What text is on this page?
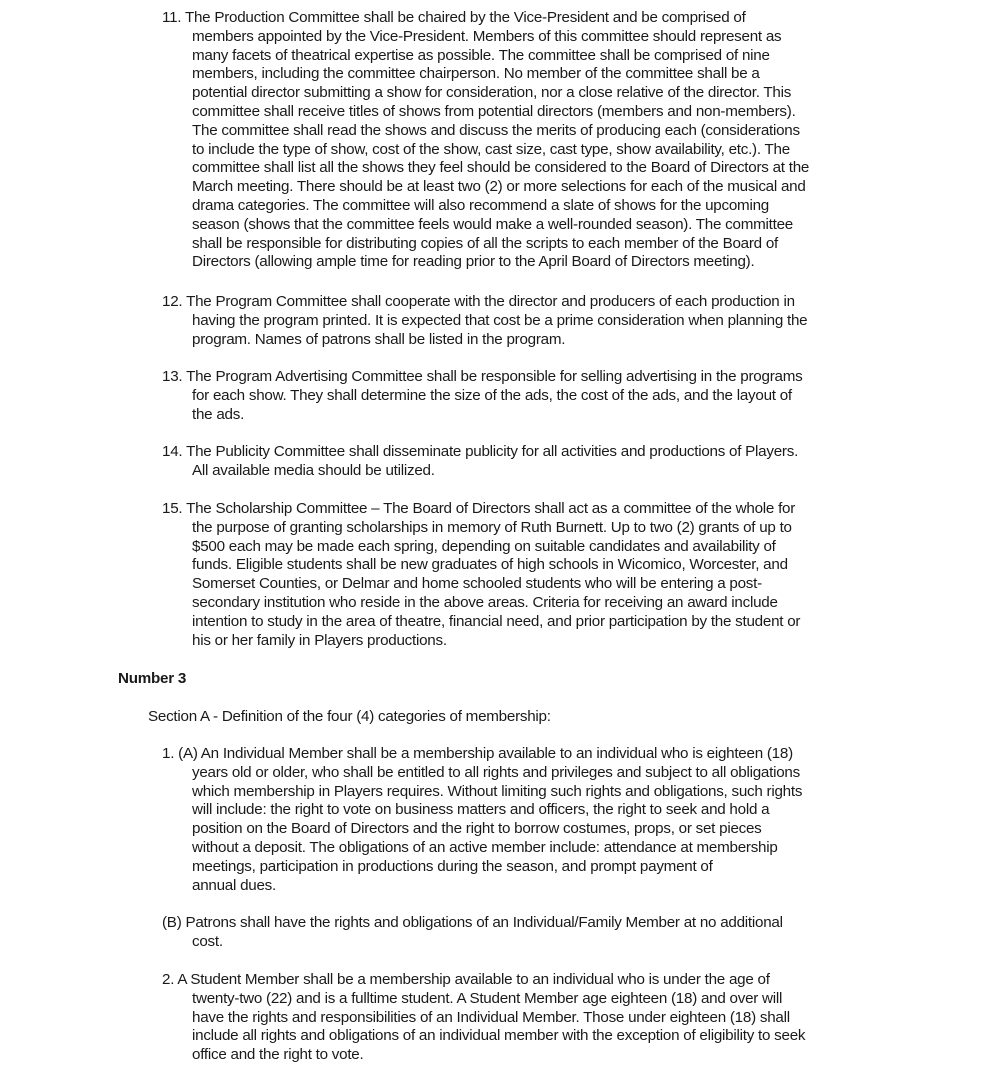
11. The Production Committee shall be chaired by the Vice-President and be comprised of
members appointed by the Vice-President. Members of this committee should represent as
many facets of theatrical expertise as possible. The committee shall be comprised of nine
members, including the committee chairperson. No member of the committee shall be a
potential director submitting a show for consideration, nor a close relative of the director. This
committee shall receive titles of shows from potential directors (members and non-members).
The committee shall read the shows and discuss the merits of producing each (considerations
to include the type of show, cost of the show, cast size, cast type, show availability, etc.). The
committee shall list all the shows they feel should be considered to the Board of Directors at the
March meeting. There should be at least two (2) or more selections for each of the musical and
drama categories. The committee will also recommend a slate of shows for the upcoming
season (shows that the committee feels would make a well-rounded season). The committee
shall be responsible for distributing copies of all the scripts to each member of the Board of
Directors (allowing ample time for reading prior to the April Board of Directors meeting).
12. The Program Committee shall cooperate with the director and producers of each production in
having the program printed. It is expected that cost be a prime consideration when planning the
program. Names of patrons shall be listed in the program.
13. The Program Advertising Committee shall be responsible for selling advertising in the programs
for each show. They shall determine the size of the ads, the cost of the ads, and the layout of
the ads.
14. The Publicity Committee shall disseminate publicity for all activities and productions of Players.
All available media should be utilized.
15. The Scholarship Committee – The Board of Directors shall act as a committee of the whole for
the purpose of granting scholarships in memory of Ruth Burnett. Up to two (2) grants of up to
$500 each may be made each spring, depending on suitable candidates and availability of
funds. Eligible students shall be new graduates of high schools in Wicomico, Worcester, and
Somerset Counties, or Delmar and home schooled students who will be entering a post-
secondary institution who reside in the above areas. Criteria for receiving an award include
intention to study in the area of theatre, financial need, and prior participation by the student or
his or her family in Players productions.
Number 3
Section A - Definition of the four (4) categories of membership:
1. (A) An Individual Member shall be a membership available to an individual who is eighteen (18)
years old or older, who shall be entitled to all rights and privileges and subject to all obligations
which membership in Players requires. Without limiting such rights and obligations, such rights
will include: the right to vote on business matters and officers, the right to seek and hold a
position on the Board of Directors and the right to borrow costumes, props, or set pieces
without a deposit. The obligations of an active member include: attendance at membership
meetings, participation in productions during the season, and prompt payment of
annual dues.
(B) Patrons shall have the rights and obligations of an Individual/Family Member at no additional
cost.
2. A Student Member shall be a membership available to an individual who is under the age of
twenty-two (22) and is a fulltime student. A Student Member age eighteen (18) and over will
have the rights and responsibilities of an Individual Member. Those under eighteen (18) shall
include all rights and obligations of an individual member with the exception of eligibility to seek
office and the right to vote.
